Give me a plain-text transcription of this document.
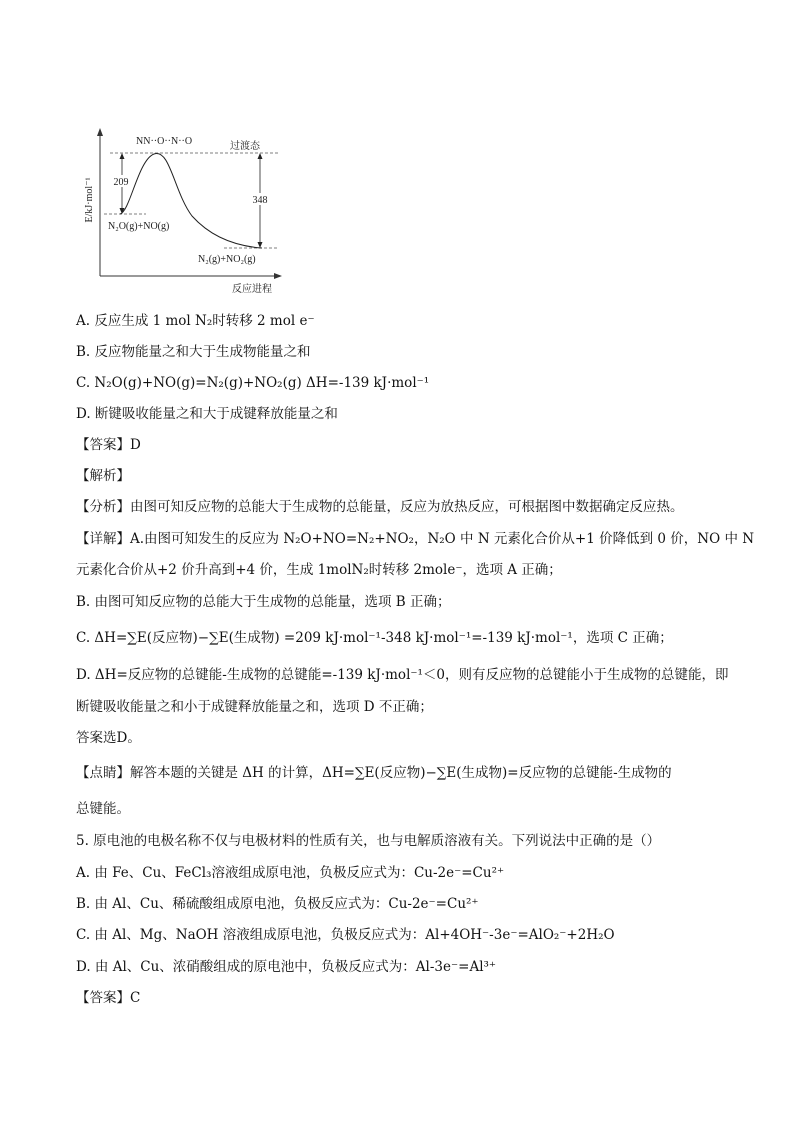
E/kJ·mol⁻¹
反应进程
209
348
NN··O··N··O	过渡态
N₂O(g)+NO(g)
N₂(g)+NO₂(g)
A. 反应生成 1 mol N₂时转移 2 mol e⁻
B. 反应物能量之和大于生成物能量之和
C. N₂O(g)+NO(g)=N₂(g)+NO₂(g) ΔH=-139 kJ·mol⁻¹
D. 断键吸收能量之和大于成键释放能量之和
【答案】D
【解析】
【分析】由图可知反应物的总能大于生成物的总能量，反应为放热反应，可根据图中数据确定反应热。
【详解】A.由图可知发生的反应为 N₂O+NO=N₂+NO₂，N₂O 中 N 元素化合价从+1 价降低到 0 价，NO 中 N
元素化合价从+2 价升高到+4 价，生成 1molN₂时转移 2mole⁻，选项 A 正确；
B. 由图可知反应物的总能大于生成物的总能量，选项 B 正确；
C. ΔH=∑E(反应物)−∑E(生成物) =209 kJ·mol⁻¹-348 kJ·mol⁻¹=-139 kJ·mol⁻¹，选项 C 正确；
D. ΔH=反应物的总键能-生成物的总键能=-139 kJ·mol⁻¹＜0，则有反应物的总键能小于生成物的总键能，即
断键吸收能量之和小于成键释放能量之和，选项 D 不正确；
答案选D。
【点睛】解答本题的关键是 ΔH 的计算，ΔH=∑E(反应物)−∑E(生成物)=反应物的总键能-生成物的
总键能。
5. 原电池的电极名称不仅与电极材料的性质有关，也与电解质溶液有关。下列说法中正确的是（）
A. 由 Fe、Cu、FeCl₃溶液组成原电池，负极反应式为：Cu-2e⁻=Cu²⁺
B. 由 Al、Cu、稀硫酸组成原电池，负极反应式为：Cu-2e⁻=Cu²⁺
C. 由 Al、Mg、NaOH 溶液组成原电池，负极反应式为：Al+4OH⁻-3e⁻=AlO₂⁻+2H₂O
D. 由 Al、Cu、浓硝酸组成的原电池中，负极反应式为：Al-3e⁻=Al³⁺
【答案】C
